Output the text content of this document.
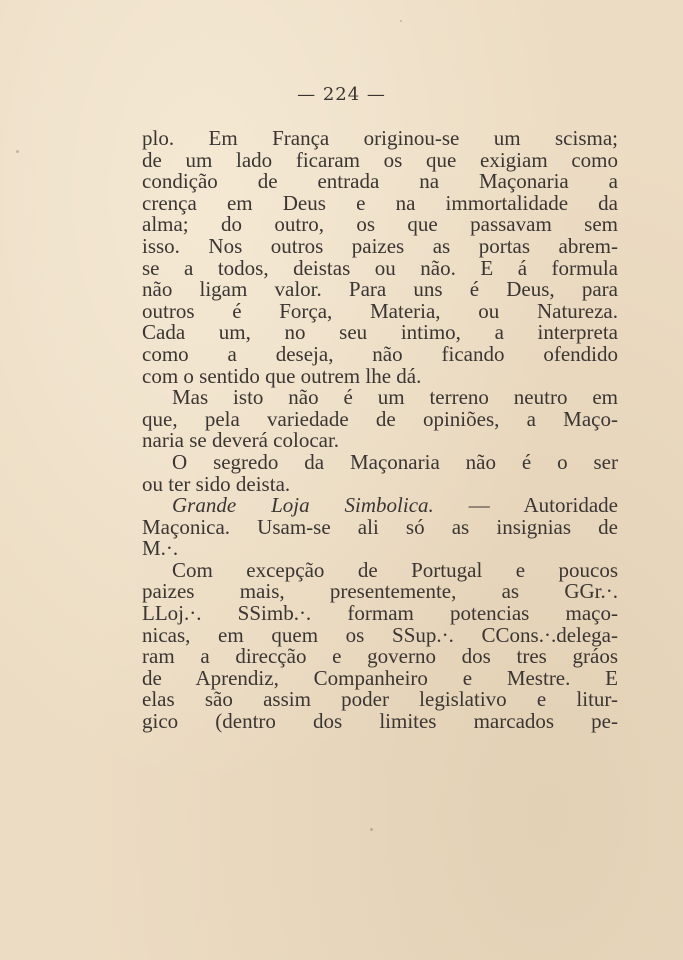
— 224 —
plo. Em França originou-se um scisma;
de um lado ficaram os que exigiam como
condição de entrada na Maçonaria a
crença em Deus e na immortalidade da
alma; do outro, os que passavam sem
isso. Nos outros paizes as portas abrem-
se a todos, deistas ou não. E á formula
não ligam valor. Para uns é Deus, para
outros é Força, Materia, ou Natureza.
Cada um, no seu intimo, a interpreta
como a deseja, não ficando ofendido
com o sentido que outrem lhe dá.
Mas isto não é um terreno neutro em
que, pela variedade de opiniões, a Maço-
naria se deverá colocar.
O segredo da Maçonaria não é o ser
ou ter sido deista.
Grande Loja Simbolica. — Autoridade
Maçonica. Usam-se ali só as insignias de
M.·.
Com excepção de Portugal e poucos
paizes mais, presentemente, as GGr.·.
LLoj.·. SSimb.·. formam potencias maço-
nicas, em quem os SSup.·. CCons.·.delega-
ram a direcção e governo dos tres gráos
de Aprendiz, Companheiro e Mestre. E
elas são assim poder legislativo e litur-
gico (dentro dos limites marcados pe-
